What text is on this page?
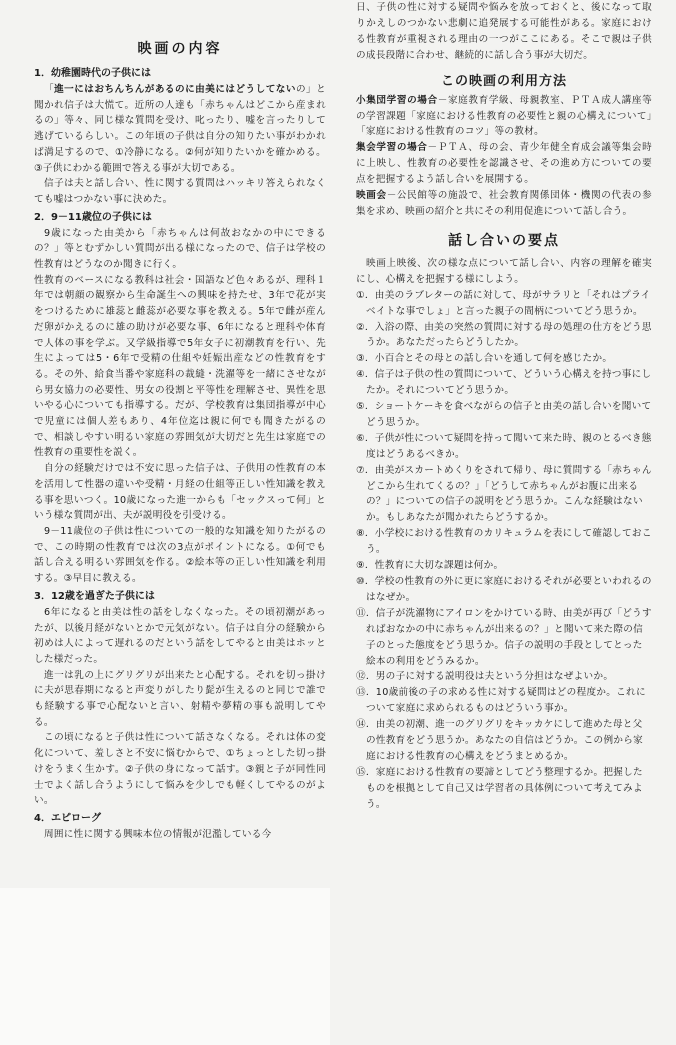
映画の内容
1．幼稚園時代の子供には

「進一にはおちんちんがあるのに由美にはどうしてないの」と聞かれ信子は大慌て。近所の人達も「赤ちゃんはどこから産まれるの」等々、同じ様な質問を受け、叱ったり、嘘を言ったりして逃げているらしい。この年頃の子供は自分の知りたい事がわかれば満足するので、①冷静になる。②何が知りたいかを確かめる。③子供にわかる範囲で答える事が大切である。

信子は夫と話し合い、性に関する質問はハッキリ答えられなくても嘘はつかない事に決めた。

2．9－11歳位の子供には

9歳になった由美から「赤ちゃんは何故おなかの中にできるの？」等とむずかしい質問が出る様になったので、信子は学校の性教育はどうなのか聞きに行く。

性教育のベースになる教科は社会・国語など色々あるが、理科１年では朝顔の観察から生命誕生への興味を持たせ、3年で花が実をつけるために雄蕊と雌蕊が必要な事を教える。5年で雌が産んだ卵がかえるのに雄の助けが必要な事、6年になると理科や体育で人体の事を学ぶ。又学級指導で5年女子に初潮教育を行い、先生によっては5・6年で受精の仕組や妊娠出産などの性教育をする。その外、給食当番や家庭科の裁縫・洗濯等を一緒にさせながら男女協力の必要性、男女の役割と平等性を理解させ、異性を思いやる心についても指導する。だが、学校教育は集団指導が中心で児童には個人差もあり、4年位迄は親に何でも聞きたがるので、相談しやすい明るい家庭の雰囲気が大切だと先生は家庭での性教育の重要性を説く。

自分の経験だけでは不安に思った信子は、子供用の性教育の本を活用して性器の違いや受精・月経の仕組等正しい性知識を教える事を思いつく。10歳になった進一からも「セックスって何」という様な質問が出、夫が説明役を引受ける。

9－11歳位の子供は性についての一般的な知識を知りたがるので、この時期の性教育では次の3点がポイントになる。①何でも話し合える明るい雰囲気を作る。②絵本等の正しい性知識を利用する。③早目に教える。

3．12歳を過ぎた子供には

6年になると由美は性の話をしなくなった。その頃初潮があったが、以後月経がないとかで元気がない。信子は自分の経験から初めは人によって遅れるのだという話をしてやると由美はホッとした様だった。

進一は乳の上にグリグリが出来たと心配する。それを切っ掛けに夫が思春期になると声変りがしたり髭が生えるのと同じで誰でも経験する事で心配ないと言い、射精や夢精の事も説明してやる。

この頃になると子供は性について話さなくなる。それは体の変化について、羞しさと不安に悩むからで、①ちょっとした切っ掛けをうまく生かす。②子供の身になって話す。③親と子が同性同士でよく話し合うようにして悩みを少しでも軽くしてやるのがよい。

4．エピローグ

周囲に性に関する興味本位の情報が氾濫している今

日、子供の性に対する疑問や悩みを放っておくと、後になって取りかえしのつかない悲劇に追発展する可能性がある。家庭における性教育が重視される理由の一つがここにある。そこで親は子供の成長段階に合わせ、継続的に話し合う事が大切だ。

この映画の利用方法

小集団学習の場合－家庭教育学級、母親教室、ＰＴＡ成人講座等の学習課題「家庭における性教育の必要性と親の心構えについて」「家庭における性教育のコツ」等の教材。

集会学習の場合－ＰＴＡ、母の会、青少年健全育成会議等集会時に上映し、性教育の必要性を認識させ、その進め方についての要点を把握するよう話し合いを展開する。

映画会－公民館等の施設で、社会教育関係団体・機関の代表の参集を求め、映画の紹介と共にその利用促進について話し合う。

話し合いの要点

映画上映後、次の様な点について話し合い、内容の理解を確実にし、心構えを把握する様にしよう。

①．由美のラブレターの話に対して、母がサラリと「それはプライベイトな事でしょ」と言った親子の間柄についてどう思うか。

②．入浴の際、由美の突然の質問に対する母の処理の仕方をどう思うか。あなただったらどうしたか。

③．小百合とその母との話し合いを通して何を感じたか。

④．信子は子供の性の質問について、どういう心構えを持つ事にしたか。それについてどう思うか。

⑤．ショートケーキを食べながらの信子と由美の話し合いを聞いてどう思うか。

⑥．子供が性について疑問を持って聞いて来た時、親のとるべき態度はどうあるべきか。

⑦．由美がスカートめくりをされて帰り、母に質問する「赤ちゃんどこから生れてくるの？」「どうして赤ちゃんがお腹に出来るの？」についての信子の説明をどう思うか。こんな経験はないか。もしあなたが聞かれたらどうするか。

⑧．小学校における性教育のカリキュラムを表にして確認しておこう。

⑨．性教育に大切な課題は何か。

⑩．学校の性教育の外に更に家庭におけるそれが必要といわれるのはなぜか。

⑪．信子が洗濯物にアイロンをかけている時、由美が再び「どうすればおなかの中に赤ちゃんが出来るの？」と聞いて来た際の信子のとった態度をどう思うか。信子の説明の手段としてとった絵本の利用をどうみるか。

⑫．男の子に対する説明役は夫という分担はなぜよいか。

⑬．10歳前後の子の求める性に対する疑問はどの程度か。これについて家庭に求められるものはどういう事か。

⑭．由美の初潮、進一のグリグリをキッカケにして進めた母と父の性教育をどう思うか。あなたの自信はどうか。この例から家庭における性教育の心構えをどうまとめるか。

⑮．家庭における性教育の要諦としてどう整理するか。把握したものを根拠として自己又は学習者の具体例について考えてみよう。
